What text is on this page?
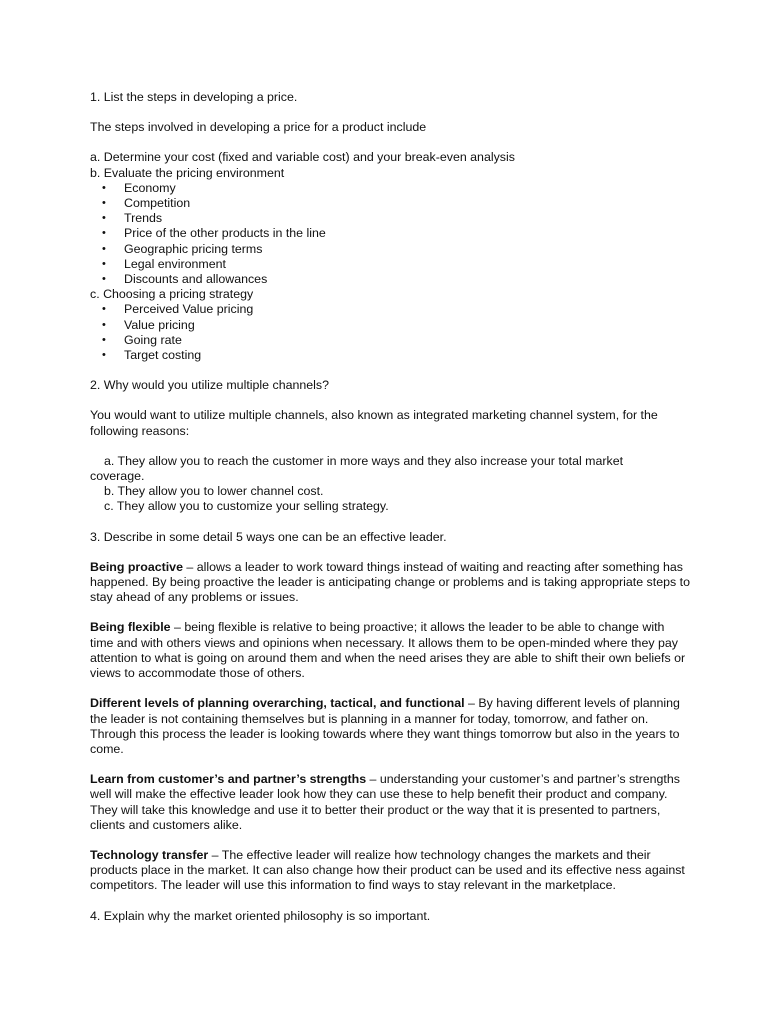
1. List the steps in developing a price.

The steps involved in developing a price for a product include

a. Determine your cost (fixed and variable cost) and your break-even analysis

b. Evaluate the pricing environment

• Economy
• Competition
• Trends
• Price of the other products in the line
• Geographic pricing terms
• Legal environment
• Discounts and allowances

c. Choosing a pricing strategy

• Perceived Value pricing
• Value pricing
• Going rate
• Target costing

2. Why would you utilize multiple channels?

You would want to utilize multiple channels, also known as integrated marketing channel system, for the following reasons:

a. They allow you to reach the customer in more ways and they also increase your total market

coverage.

b. They allow you to lower channel cost.

c. They allow you to customize your selling strategy.

3. Describe in some detail 5 ways one can be an effective leader.

Being proactive – allows a leader to work toward things instead of waiting and reacting after something has happened. By being proactive the leader is anticipating change or problems and is taking appropriate steps to stay ahead of any problems or issues.

Being flexible – being flexible is relative to being proactive; it allows the leader to be able to change with time and with others views and opinions when necessary. It allows them to be open-minded where they pay attention to what is going on around them and when the need arises they are able to shift their own beliefs or views to accommodate those of others.

Different levels of planning overarching, tactical, and functional – By having different levels of planning the leader is not containing themselves but is planning in a manner for today, tomorrow, and father on. Through this process the leader is looking towards where they want things tomorrow but also in the years to come.

Learn from customer’s and partner’s strengths – understanding your customer’s and partner’s strengths well will make the effective leader look how they can use these to help benefit their product and company. They will take this knowledge and use it to better their product or the way that it is presented to partners, clients and customers alike.

Technology transfer – The effective leader will realize how technology changes the markets and their products place in the market. It can also change how their product can be used and its effective ness against competitors. The leader will use this information to find ways to stay relevant in the marketplace.

4. Explain why the market oriented philosophy is so important.
